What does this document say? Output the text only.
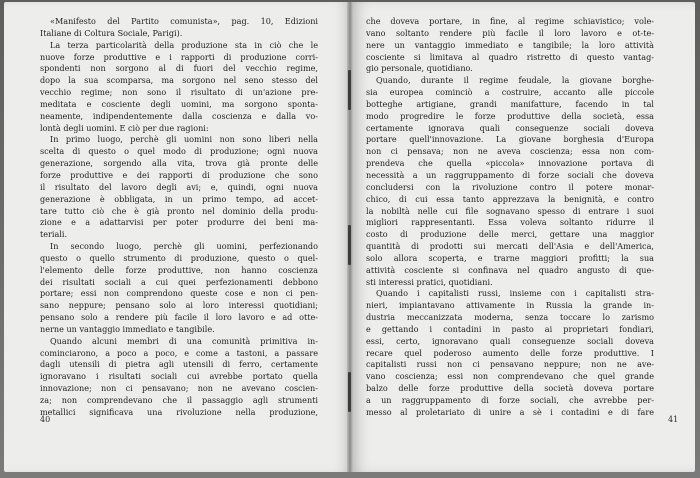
«Manifesto del Partito comunista», pag. 10, Edizioni
Italiane di Coltura Sociale, Parigi).
La terza particolarità della produzione sta in ciò che le
nuove forze produttive e i rapporti di produzione corri-
spondenti non sorgono al di fuori del vecchio regime,
dopo la sua scomparsa, ma sorgono nel seno stesso del
vecchio regime; non sono il risultato di un'azione pre-
meditata e cosciente degli uomini, ma sorgono sponta-
neamente, indipendentemente dalla coscienza e dalla vo-
lontà degli uomini. E ciò per due ragioni:
In primo luogo, perchè gli uomini non sono liberi nella
scelta di questo o quel modo di produzione; ogni nuova
generazione, sorgendo alla vita, trova già pronte delle
forze produttive e dei rapporti di produzione che sono
il risultato del lavoro degli avi; e, quindi, ogni nuova
generazione è obbligata, in un primo tempo, ad accet-
tare tutto ciò che è già pronto nel dominio della produ-
zione e a adattarvisi per poter produrre dei beni ma-
teriali.
In secondo luogo, perchè gli uomini, perfezionando
questo o quello strumento di produzione, questo o quel-
l'elemento delle forze produttive, non hanno coscienza
dei risultati sociali a cui quei perfezionamenti debbono
portare; essi non comprendono queste cose e non ci pen-
sano neppure; pensano solo ai loro interessi quotidiani;
pensano solo a rendere più facile il loro lavoro e ad otte-
nerne un vantaggio immediato e tangibile.
Quando alcuni membri di una comunità primitiva in-
cominciarono, a poco a poco, e come a tastoni, a passare
dagli utensili di pietra agli utensili di ferro, certamente
ignoravano i risultati sociali cui avrebbe portato quella
innovazione; non ci pensavano; non ne avevano coscien-
za; non comprendevano che il passaggio agli strumenti
metallici significava una rivoluzione nella produzione,
40
che doveva portare, in fine, al regime schiavistico; vole-
vano soltanto rendere più facile il loro lavoro e ot-te-
nere un vantaggio immediato e tangibile; la loro attività
cosciente si limitava al quadro ristretto di questo vantag-
gio personale, quotidiano.
Quando, durante il regime feudale, la giovane borghe-
sia europea cominciò a costruire, accanto alle piccole
botteghe artigiane, grandi manifatture, facendo in tal
modo progredire le forze produttive della società, essa
certamente ignorava quali conseguenze sociali doveva
portare quell'innovazione. La giovane borghesia d'Europa
non ci pensava; non ne aveva coscienza; essa non com-
prendeva che quella «piccola» innovazione portava di
necessità a un raggruppamento di forze sociali che doveva
concludersi con la rivoluzione contro il potere monar-
chico, di cui essa tanto apprezzava la benignità, e contro
la nobiltà nelle cui file sognavano spesso di entrare i suoi
migliori rappresentanti. Essa voleva soltanto ridurre il
costo di produzione delle merci, gettare una maggior
quantità di prodotti sui mercati dell'Asia e dell'America,
solo allora scoperta, e trarne maggiori profitti; la sua
attività cosciente si confinava nel quadro angusto di que-
sti interessi pratici, quotidiani.
Quando i capitalisti russi, insieme con i capitalisti stra-
nieri, impiantavano attivamente in Russia la grande in-
dustria meccanizzata moderna, senza toccare lo zarismo
e gettando i contadini in pasto ai proprietari fondiari,
essi, certo, ignoravano quali conseguenze sociali doveva
recare quel poderoso aumento delle forze produttive. I
capitalisti russi non ci pensavano neppure; non ne ave-
vano coscienza; essi non comprendevano che quel grande
balzo delle forze produttive della società doveva portare
a un raggruppamento di forze sociali, che avrebbe per-
messo al proletariato di unire a sè i contadini e di fare
41
